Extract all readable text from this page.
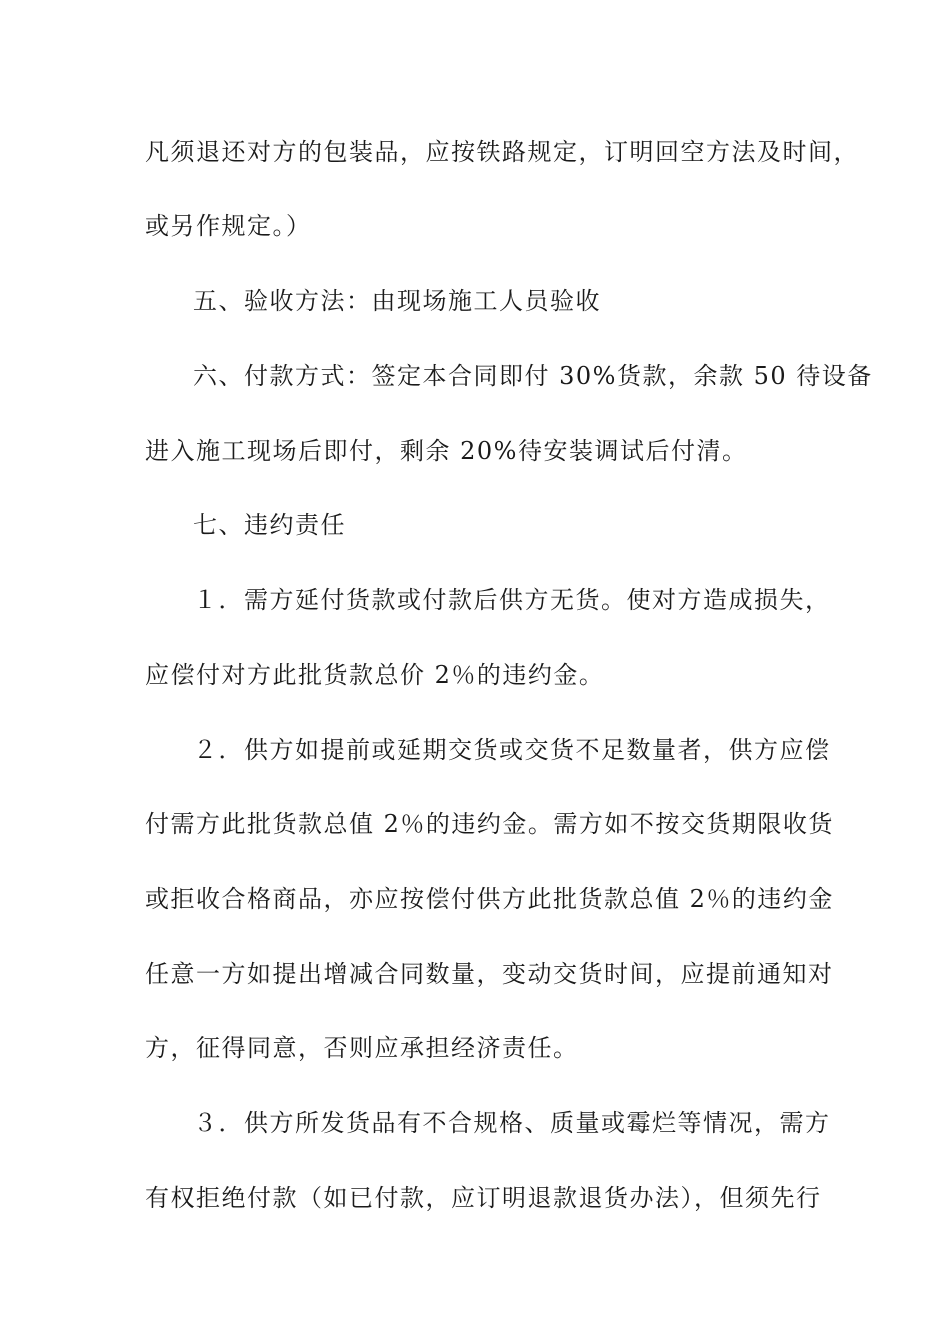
凡须退还对方的包装品，应按铁路规定，订明回空方法及时间，
或另作规定。）
五、验收方法：由现场施工人员验收
六、付款方式：签定本合同即付 30%货款，余款 50 待设备
进入施工现场后即付，剩余 20%待安装调试后付清。
七、违约责任
１．需方延付货款或付款后供方无货。使对方造成损失，
应偿付对方此批货款总价 2％的违约金。
２．供方如提前或延期交货或交货不足数量者，供方应偿
付需方此批货款总值 2％的违约金。需方如不按交货期限收货
或拒收合格商品，亦应按偿付供方此批货款总值 2％的违约金
任意一方如提出增减合同数量，变动交货时间，应提前通知对
方，征得同意，否则应承担经济责任。
３．供方所发货品有不合规格、质量或霉烂等情况，需方
有权拒绝付款（如已付款，应订明退款退货办法），但须先行
